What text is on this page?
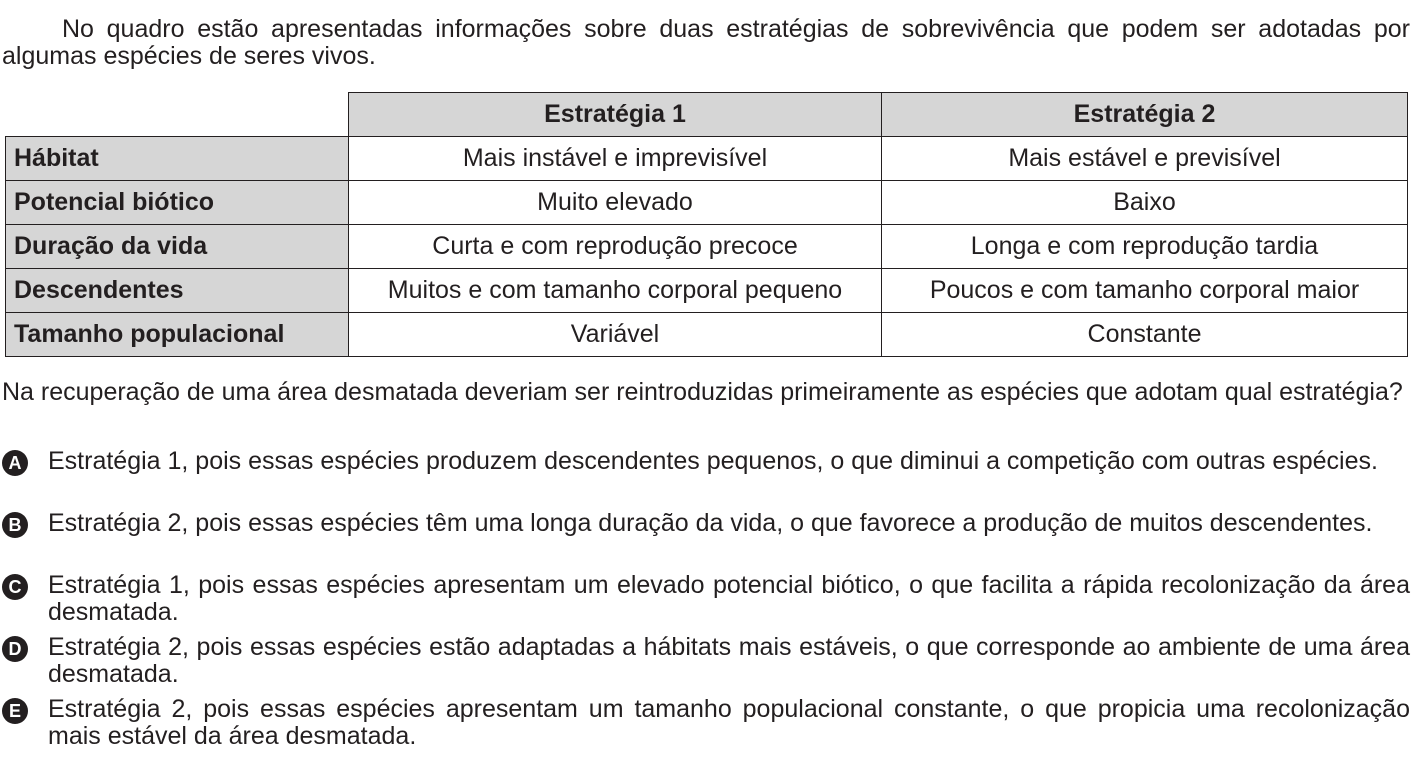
No quadro estão apresentadas informações sobre duas estratégias de sobrevivência que podem ser adotadas por algumas espécies de seres vivos.

	Estratégia 1	Estratégia 2
Hábitat	Mais instável e imprevisível	Mais estável e previsível
Potencial biótico	Muito elevado	Baixo
Duração da vida	Curta e com reprodução precoce	Longa e com reprodução tardia
Descendentes	Muitos e com tamanho corporal pequeno	Poucos e com tamanho corporal maior
Tamanho populacional	Variável	Constante

Na recuperação de uma área desmatada deveriam ser reintroduzidas primeiramente as espécies que adotam qual estratégia?

A Estratégia 1, pois essas espécies produzem descendentes pequenos, o que diminui a competição com outras espécies.
B Estratégia 2, pois essas espécies têm uma longa duração da vida, o que favorece a produção de muitos descendentes.
C Estratégia 1, pois essas espécies apresentam um elevado potencial biótico, o que facilita a rápida recolonização da área desmatada.
D Estratégia 2, pois essas espécies estão adaptadas a hábitats mais estáveis, o que corresponde ao ambiente de uma área desmatada.
E Estratégia 2, pois essas espécies apresentam um tamanho populacional constante, o que propicia uma recolonização mais estável da área desmatada.
